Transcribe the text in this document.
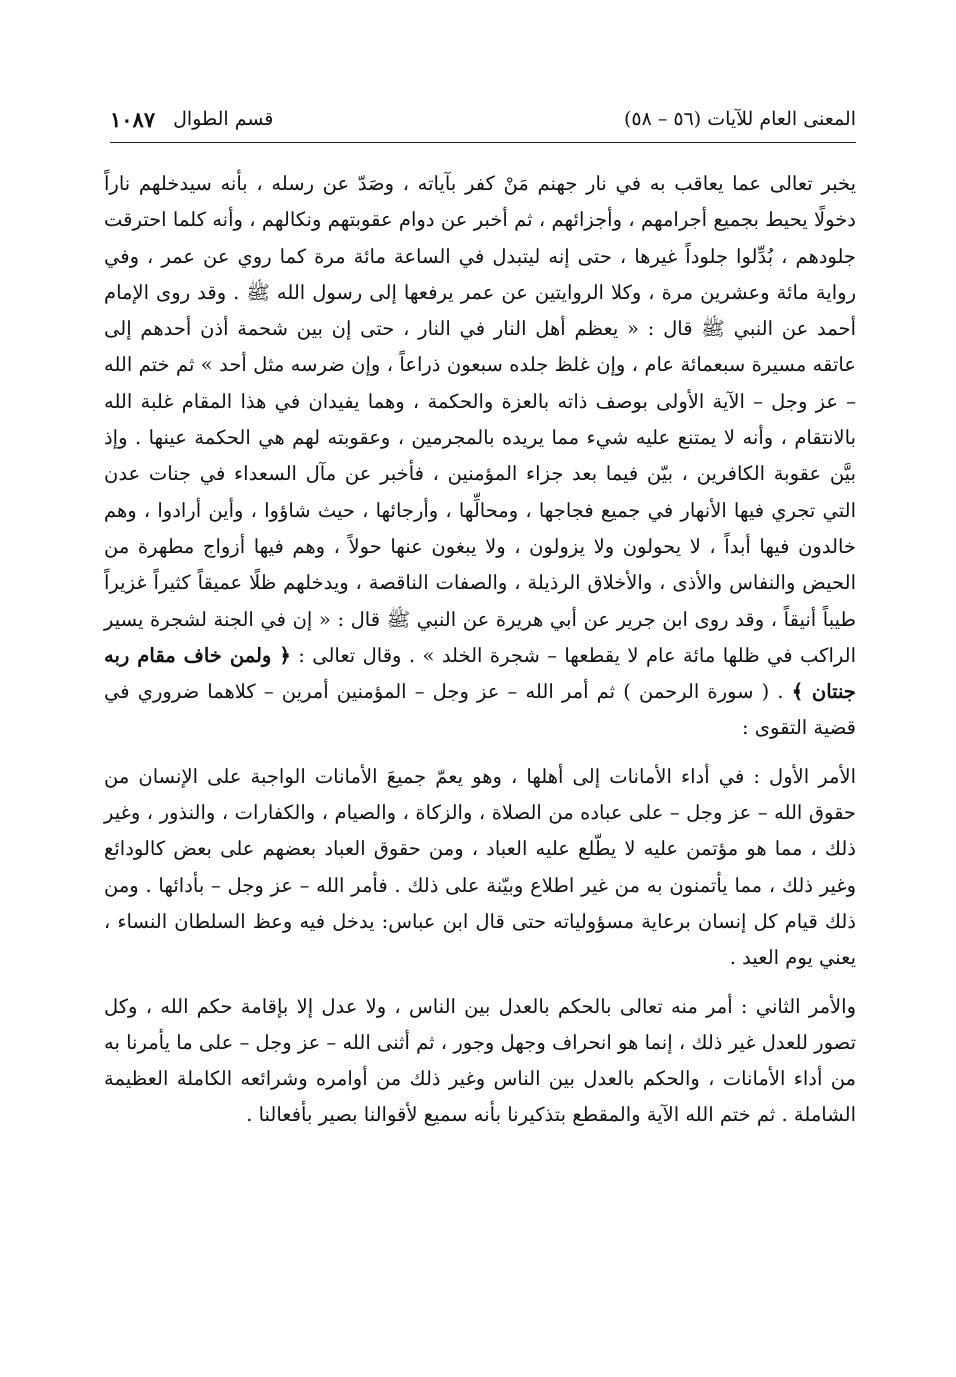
المعنى العام للآيات (٥٦ – ٥٨)
قسم الطوال
١٠٨٧

يخبر تعالى عما يعاقب به في نار جهنم مَنْ كفر بآياته ، وصَدّ عن رسله ، بأنه سيدخلهم ناراً دخولًا يحيط بجميع أجرامهم ، وأجزائهم ، ثم أخبر عن دوام عقوبتهم ونكالهم ، وأنه كلما احترقت جلودهم ، بُدِّلوا جلوداً غيرها ، حتى إنه ليتبدل في الساعة مائة مرة كما روي عن عمر ، وفي رواية مائة وعشرين مرة ، وكلا الروايتين عن عمر يرفعها إلى رسول الله ﷺ . وقد روى الإمام أحمد عن النبي ﷺ قال : « يعظم أهل النار في النار ، حتى إن بين شحمة أذن أحدهم إلى عاتقه مسيرة سبعمائة عام ، وإن غلظ جلده سبعون ذراعاً ، وإن ضرسه مثل أحد » ثم ختم الله – عز وجل – الآية الأولى بوصف ذاته بالعزة والحكمة ، وهما يفيدان في هذا المقام غلبة الله بالانتقام ، وأنه لا يمتنع عليه شيء مما يريده بالمجرمين ، وعقوبته لهم هي الحكمة عينها . وإذ بيَّن عقوبة الكافرين ، بيّن فيما بعد جزاء المؤمنين ، فأخبر عن مآل السعداء في جنات عدن التي تجري فيها الأنهار في جميع فجاجها ، ومحالِّها ، وأرجائها ، حيث شاؤوا ، وأين أرادوا ، وهم خالدون فيها أبداً ، لا يحولون ولا يزولون ، ولا يبغون عنها حولاً ، وهم فيها أزواج مطهرة من الحيض والنفاس والأذى ، والأخلاق الرذيلة ، والصفات الناقصة ، ويدخلهم ظلًا عميقاً كثيراً غزيراً طيباً أنيقاً ، وقد روى ابن جرير عن أبي هريرة عن النبي ﷺ قال : « إن في الجنة لشجرة يسير الراكب في ظلها مائة عام لا يقطعها – شجرة الخلد » . وقال تعالى : ﴿ ولمن خاف مقام ربه جنتان ﴾ . ( سورة الرحمن ) ثم أمر الله – عز وجل – المؤمنين أمرين – كلاهما ضروري في قضية التقوى :

الأمر الأول : في أداء الأمانات إلى أهلها ، وهو يعمّ جميعَ الأمانات الواجبة على الإنسان من حقوق الله – عز وجل – على عباده من الصلاة ، والزكاة ، والصيام ، والكفارات ، والنذور ، وغير ذلك ، مما هو مؤتمن عليه لا يطّلع عليه العباد ، ومن حقوق العباد بعضهم على بعض كالودائع وغير ذلك ، مما يأتمنون به من غير اطلاع وبيّنة على ذلك . فأمر الله – عز وجل – بأدائها . ومن ذلك قيام كل إنسان برعاية مسؤولياته حتى قال ابن عباس: يدخل فيه وعظ السلطان النساء ، يعني يوم العيد .

والأمر الثاني : أمر منه تعالى بالحكم بالعدل بين الناس ، ولا عدل إلا بإقامة حكم الله ، وكل تصور للعدل غير ذلك ، إنما هو انحراف وجهل وجور ، ثم أثنى الله – عز وجل – على ما يأمرنا به من أداء الأمانات ، والحكم بالعدل بين الناس وغير ذلك من أوامره وشرائعه الكاملة العظيمة الشاملة . ثم ختم الله الآية والمقطع بتذكيرنا بأنه سميع لأقوالنا بصير بأفعالنا .
